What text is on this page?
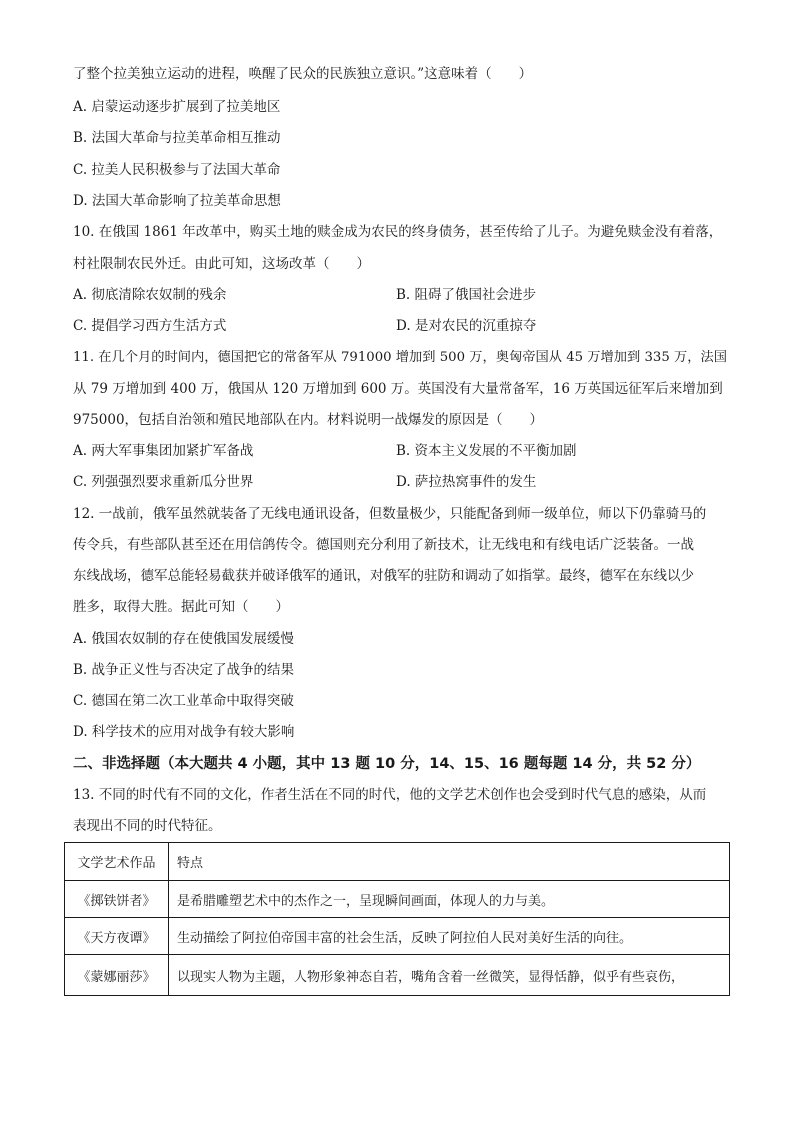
了整个拉美独立运动的进程，唤醒了民众的民族独立意识。”这意味着（　　）
A. 启蒙运动逐步扩展到了拉美地区
B. 法国大革命与拉美革命相互推动
C. 拉美人民积极参与了法国大革命
D. 法国大革命影响了拉美革命思想
10. 在俄国 1861 年改革中，购买土地的赎金成为农民的终身债务，甚至传给了儿子。为避免赎金没有着落，
村社限制农民外迁。由此可知，这场改革（　　）
A. 彻底清除农奴制的残余	B. 阻碍了俄国社会进步
C. 提倡学习西方生活方式	D. 是对农民的沉重掠夺
11. 在几个月的时间内，德国把它的常备军从 791000 增加到 500 万，奥匈帝国从 45 万增加到 335 万，法国
从 79 万增加到 400 万，俄国从 120 万增加到 600 万。英国没有大量常备军，16 万英国远征军后来增加到
975000，包括自治领和殖民地部队在内。材料说明一战爆发的原因是（　　）
A. 两大军事集团加紧扩军备战	B. 资本主义发展的不平衡加剧
C. 列强强烈要求重新瓜分世界	D. 萨拉热窝事件的发生
12. 一战前，俄军虽然就装备了无线电通讯设备，但数量极少，只能配备到师一级单位，师以下仍靠骑马的
传令兵，有些部队甚至还在用信鸽传令。德国则充分利用了新技术，让无线电和有线电话广泛装备。一战
东线战场，德军总能轻易截获并破译俄军的通讯，对俄军的驻防和调动了如指掌。最终，德军在东线以少
胜多，取得大胜。据此可知（　　）
A. 俄国农奴制的存在使俄国发展缓慢
B. 战争正义性与否决定了战争的结果
C. 德国在第二次工业革命中取得突破
D. 科学技术的应用对战争有较大影响
二、非选择题（本大题共 4 小题，其中 13 题 10 分，14、15、16 题每题 14 分，共 52 分）
13. 不同的时代有不同的文化，作者生活在不同的时代，他的文学艺术创作也会受到时代气息的感染，从而
表现出不同的时代特征。
文学艺术作品	特点
《掷铁饼者》	是希腊雕塑艺术中的杰作之一，呈现瞬间画面，体现人的力与美。
《天方夜谭》	生动描绘了阿拉伯帝国丰富的社会生活，反映了阿拉伯人民对美好生活的向往。
《蒙娜丽莎》	以现实人物为主题，人物形象神态自若，嘴角含着一丝微笑，显得恬静，似乎有些哀伤，
